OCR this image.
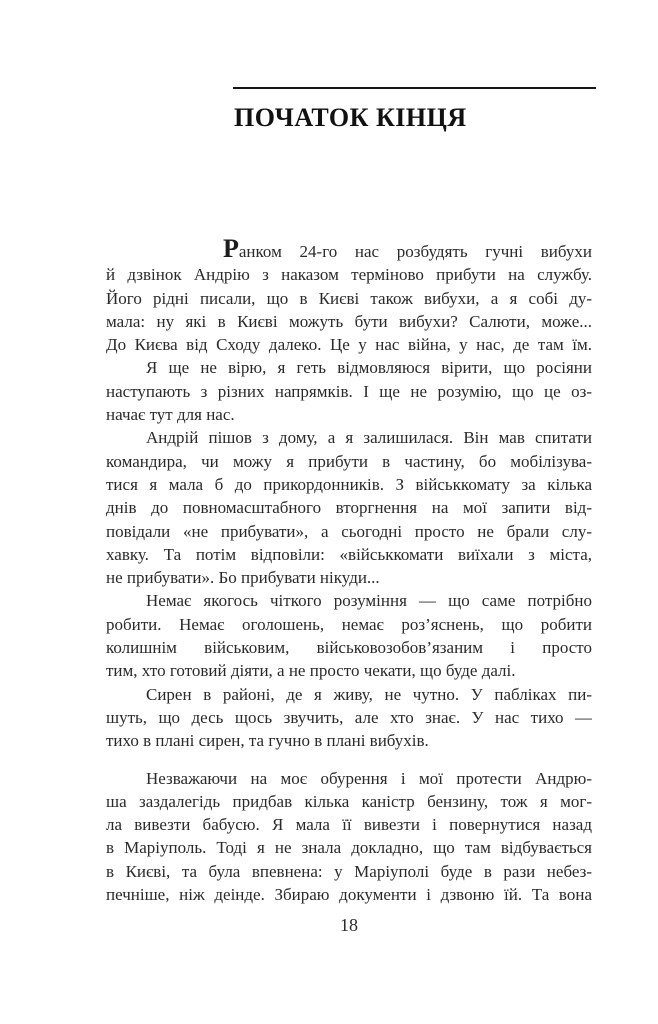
ПОЧАТОК КІНЦЯ
Ранком 24-го нас розбудять гучні вибухи
й дзвінок Андрію з наказом терміново прибути на службу.
Його рідні писали, що в Києві також вибухи, а я собі ду-
мала: ну які в Києві можуть бути вибухи? Салюти, може...
До Києва від Сходу далеко. Це у нас війна, у нас, де там їм.
Я ще не вірю, я геть відмовляюся вірити, що росіяни
наступають з різних напрямків. І ще не розумію, що це оз-
начає тут для нас.
Андрій пішов з дому, а я залишилася. Він мав спитати
командира, чи можу я прибути в частину, бо мобілізува-
тися я мала б до прикордонників. З військкомату за кілька
днів до повномасштабного вторгнення на мої запити від-
повідали «не прибувати», а сьогодні просто не брали слу-
хавку. Та потім відповіли: «військкомати виїхали з міста,
не прибувати». Бо прибувати нікуди...
Немає якогось чіткого розуміння — що саме потрібно
робити. Немає оголошень, немає роз’яснень, що робити
колишнім військовим, військовозобов’язаним і просто
тим, хто готовий діяти, а не просто чекати, що буде далі.
Сирен в районі, де я живу, не чутно. У пабліках пи-
шуть, що десь щось звучить, але хто знає. У нас тихо —
тихо в плані сирен, та гучно в плані вибухів.
Незважаючи на моє обурення і мої протести Андрю-
ша заздалегідь придбав кілька каністр бензину, тож я мог-
ла вивезти бабусю. Я мала її вивезти і повернутися назад
в Маріуполь. Тоді я не знала докладно, що там відбувається
в Києві, та була впевнена: у Маріуполі буде в рази небез-
печніше, ніж деінде. Збираю документи і дзвоню їй. Та вона
18
